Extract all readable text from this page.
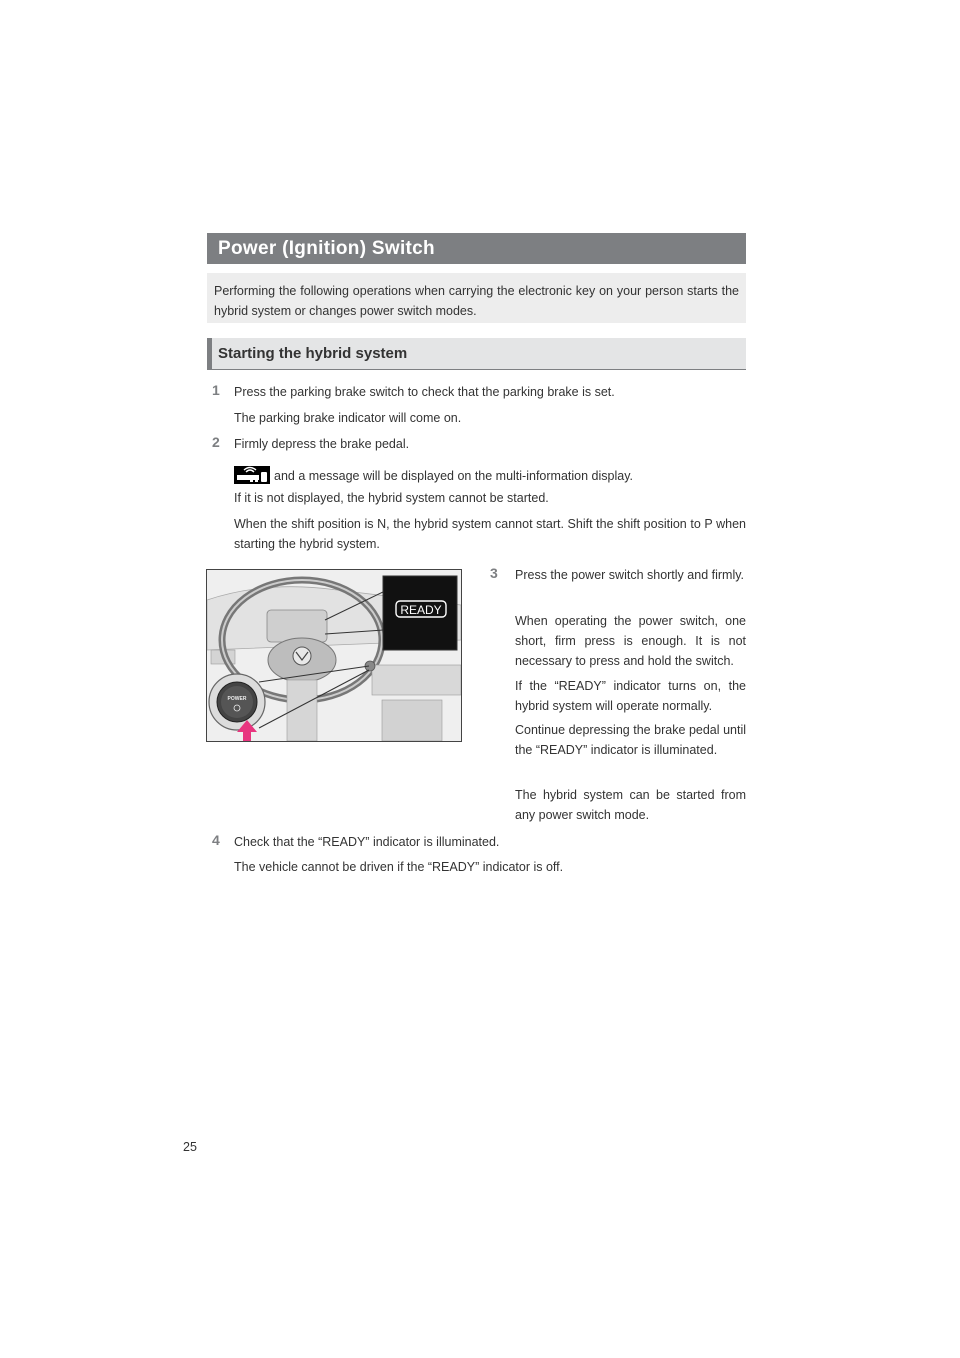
Power (Ignition) Switch
Performing the following operations when carrying the electronic key on your person starts the hybrid system or changes power switch modes.
Starting the hybrid system
1 Press the parking brake switch to check that the parking brake is set.
The parking brake indicator will come on.
2 Firmly depress the brake pedal.
and a message will be displayed on the multi-information display.
If it is not displayed, the hybrid system cannot be started.
When the shift position is N, the hybrid system cannot start. Shift the shift position to P when starting the hybrid system.
READY
POWER
3 Press the power switch shortly and firmly.
When operating the power switch, one short, firm press is enough. It is not necessary to press and hold the switch.
If the “READY” indicator turns on, the hybrid system will operate normally.
Continue depressing the brake pedal until the “READY” indicator is illuminated.
The hybrid system can be started from any power switch mode.
4 Check that the “READY” indicator is illuminated.
The vehicle cannot be driven if the “READY” indicator is off.
25
